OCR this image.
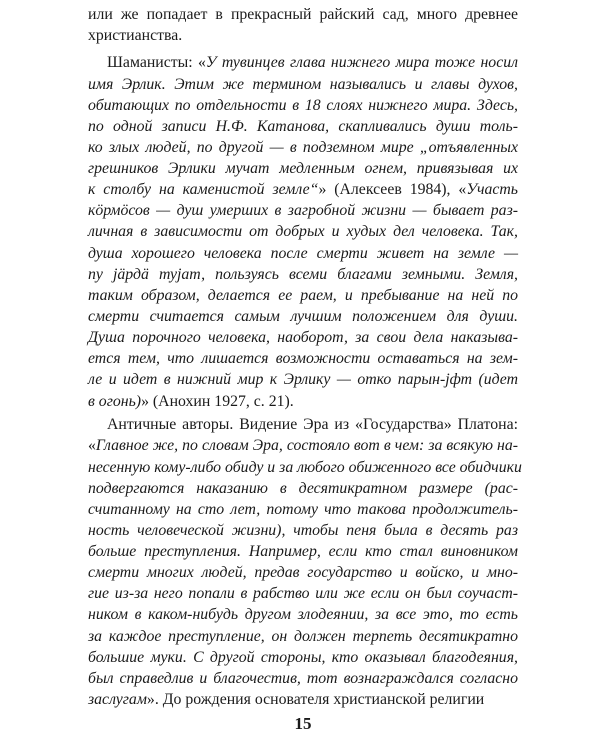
или же попадает в прекрасный райский сад, много древнее
христианства.
Шаманисты: «У тувинцев глава нижнего мира тоже носил
имя Эрлик. Этим же термином назывались и главы духов,
обитающих по отдельности в 18 слоях нижнего мира. Здесь,
по одной записи Н.Ф. Катанова, скапливались души толь-
ко злых людей, по другой — в подземном мире „отъявленных
грешников Эрлики мучат медленным огнем, привязывая их
к столбу на каменистой земле“» (Алексеев 1984), «Участь
кöрмöсов — душ умерших в загробной жизни — бывает раз-
личная в зависимости от добрых и худых дел человека. Так,
душа хорошего человека после смерти живет на земле —
пу jäрдä туjат, пользуясь всеми благами земными. Земля,
таким образом, делается ее раем, и пребывание на ней по
смерти считается самым лучшим положением для души.
Душа порочного человека, наоборот, за свои дела наказыва-
ется тем, что лишается возможности оставаться на зем-
ле и идет в нижний мир к Эрлику — отко парын-jфт (идет
в огонь)» (Анохин 1927, с. 21).
Античные авторы. Видение Эра из «Государства» Платона:
«Главное же, по словам Эра, состояло вот в чем: за всякую на-
несенную кому-либо обиду и за любого обиженного все обидчики
подвергаются наказанию в десятикратном размере (рас-
считанному на сто лет, потому что такова продолжитель-
ность человеческой жизни), чтобы пеня была в десять раз
больше преступления. Например, если кто стал виновником
смерти многих людей, предав государство и войско, и мно-
гие из-за него попали в рабство или же если он был соучаст-
ником в каком-нибудь другом злодеянии, за все это, то есть
за каждое преступление, он должен терпеть десятикратно
большие муки. С другой стороны, кто оказывал благодеяния,
был справедлив и благочестив, тот вознаграждался согласно
заслугам». До рождения основателя христианской религии
15
